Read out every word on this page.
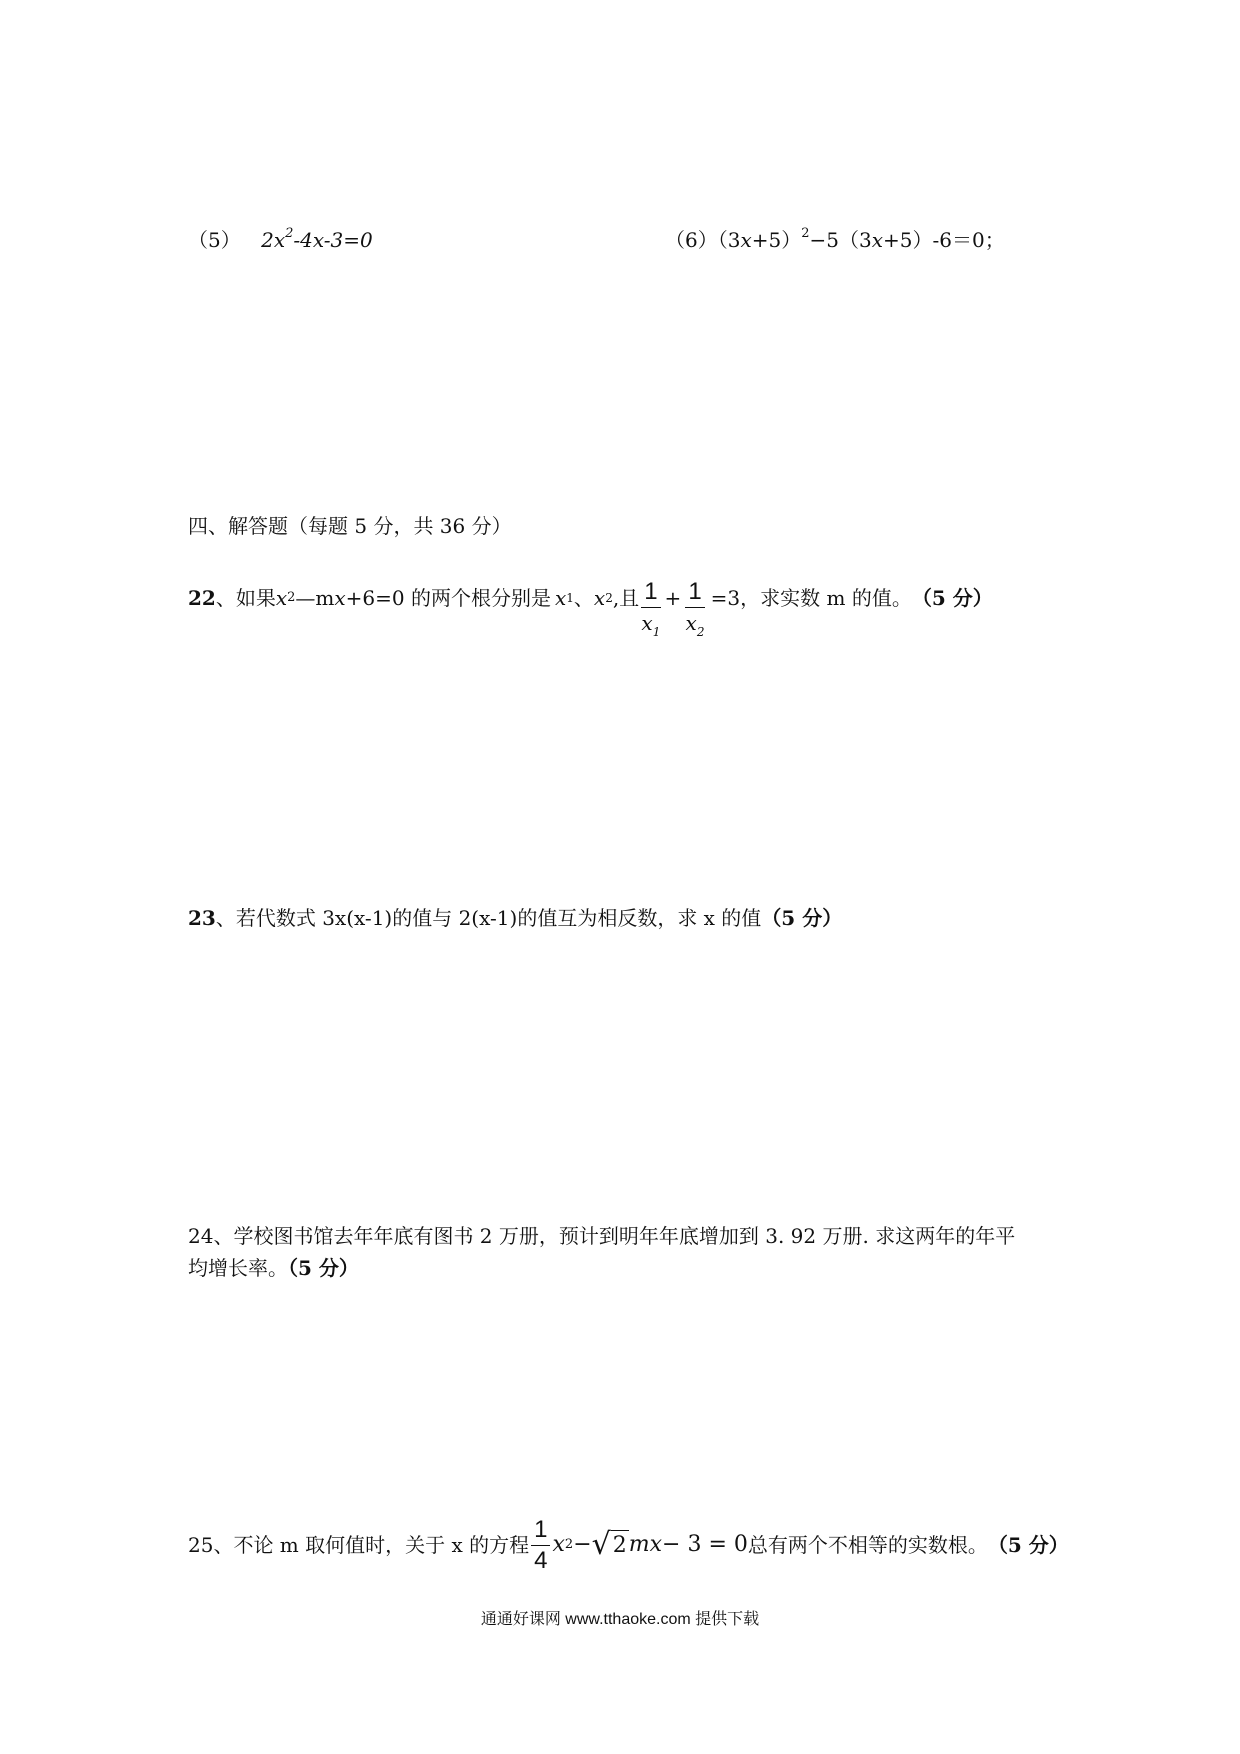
（5） $2x^2-4x-3=0$	$(6)(3x+5)^2-5(3x+5)-6=0$；
四、解答题（每题 5 分，共 36 分）
22 、如果 x 2 —m x +6=0 的两个根分别是 x 1 、 x 2 ,且 $\frac{1}{x_1} + \frac{1}{x_2} =3$，求实数 m 的值。 （5 分）
23、若代数式 3x(x-1)的值与 2(x-1)的值互为相反数，求 x 的值（5 分）
24、学校图书馆去年年底有图书 2 万册，预计到明年年底增加到 3. 92 万册. 求这两年的年平
均增长率。（5 分）
25、不论 m 取何值时，关于 x 的方程 $\frac{1}{4}$ x 2 − √ 2 mx − 3 = 0 总有两个不相等的实数根。 （5 分）
通通好课网 www.tthaoke.com 提供下载
